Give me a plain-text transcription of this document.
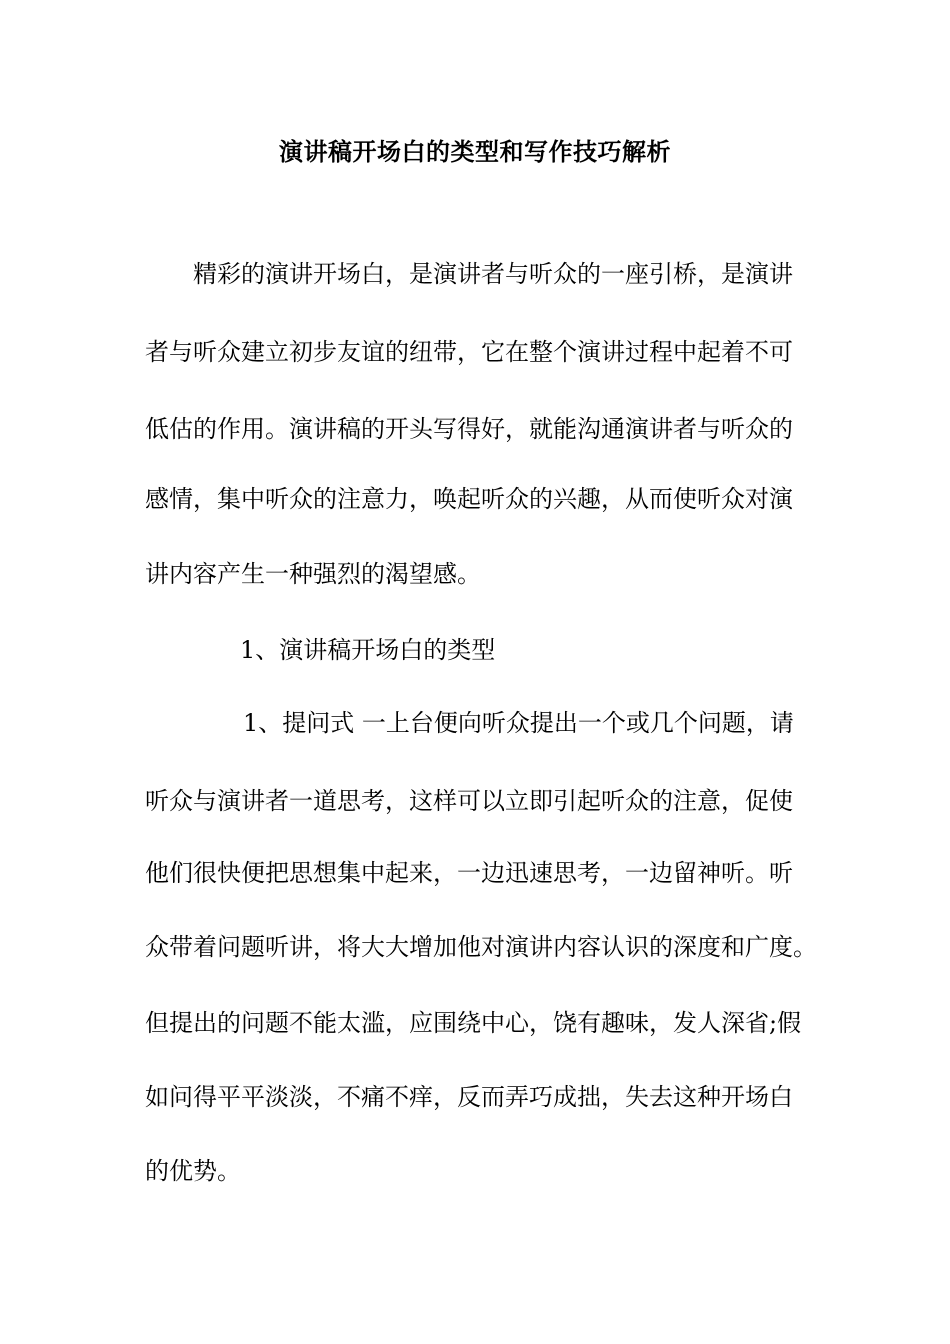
演讲稿开场白的类型和写作技巧解析
精彩的演讲开场白，是演讲者与听众的一座引桥，是演讲
者与听众建立初步友谊的纽带，它在整个演讲过程中起着不可
低估的作用。演讲稿的开头写得好，就能沟通演讲者与听众的
感情，集中听众的注意力，唤起听众的兴趣，从而使听众对演
讲内容产生一种强烈的渴望感。
1、演讲稿开场白的类型
1、提问式 一上台便向听众提出一个或几个问题，请
听众与演讲者一道思考，这样可以立即引起听众的注意，促使
他们很快便把思想集中起来，一边迅速思考，一边留神听。听
众带着问题听讲，将大大增加他对演讲内容认识的深度和广度。
但提出的问题不能太滥，应围绕中心，饶有趣味，发人深省;假
如问得平平淡淡，不痛不痒，反而弄巧成拙，失去这种开场白
的优势。
